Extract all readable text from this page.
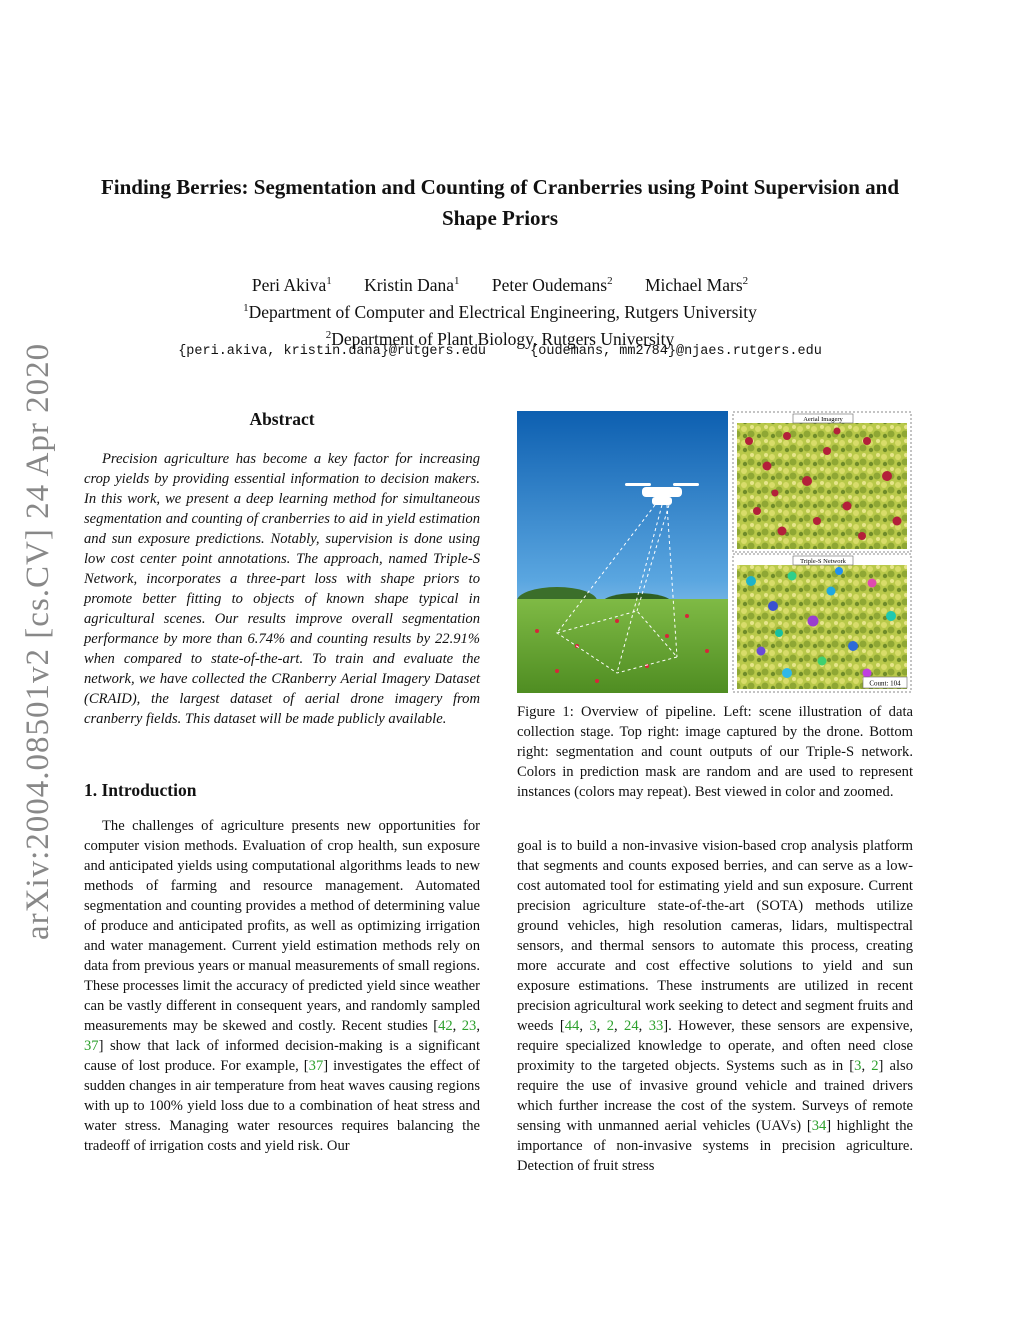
arXiv:2004.08501v2 [cs.CV] 24 Apr 2020
Finding Berries: Segmentation and Counting of Cranberries using Point Supervision and Shape Priors
Peri Akiva$^1$ Kristin Dana$^1$ Peter Oudemans$^2$ Michael Mars$^2$
$^1$Department of Computer and Electrical Engineering, Rutgers University
$^2$Department of Plant Biology, Rutgers University
{peri.akiva, kristin.dana}@rutgers.edu	{oudemans, mm2784}@njaes.rutgers.edu
Abstract

Precision agriculture has become a key factor for increasing crop yields by providing essential information to decision makers. In this work, we present a deep learning method for simultaneous segmentation and counting of cranberries to aid in yield estimation and sun exposure predictions. Notably, supervision is done using low cost center point annotations. The approach, named Triple-S Network, incorporates a three-part loss with shape priors to promote better fitting to objects of known shape typical in agricultural scenes. Our results improve overall segmentation performance by more than 6.74% and counting results by 22.91% when compared to state-of-the-art. To train and evaluate the network, we have collected the CRanberry Aerial Imagery Dataset (CRAID), the largest dataset of aerial drone imagery from cranberry fields. This dataset will be made publicly available.

1. Introduction

The challenges of agriculture presents new opportunities for computer vision methods. Evaluation of crop health, sun exposure and anticipated yields using computational algorithms leads to new methods of farming and resource management. Automated segmentation and counting provides a method of determining value of produce and anticipated profits, as well as optimizing irrigation and water management. Current yield estimation methods rely on data from previous years or manual measurements of small regions. These processes limit the accuracy of predicted yield since weather can be vastly different in consequent years, and randomly sampled measurements may be skewed and costly. Recent studies [42, 23, 37] show that lack of informed decision-making is a significant cause of lost produce. For example, [37] investigates the effect of sudden changes in air temperature from heat waves causing regions with up to 100% yield loss due to a combination of heat stress and water stress. Managing water resources requires balancing the tradeoff of irrigation costs and yield risk. Our

Aerial Imagery
Triple-S Network
Count: 104
Figure 1: Overview of pipeline. Left: scene illustration of data collection stage. Top right: image captured by the drone. Bottom right: segmentation and count outputs of our Triple-S network. Colors in prediction mask are random and are used to represent instances (colors may repeat). Best viewed in color and zoomed.

goal is to build a non-invasive vision-based crop analysis platform that segments and counts exposed berries, and can serve as a low-cost automated tool for estimating yield and sun exposure. Current precision agriculture state-of-the-art (SOTA) methods utilize ground vehicles, high resolution cameras, lidars, multispectral sensors, and thermal sensors to automate this process, creating more accurate and cost effective solutions to yield and sun exposure estimations. These instruments are utilized in recent precision agricultural work seeking to detect and segment fruits and weeds [44, 3, 2, 24, 33]. However, these sensors are expensive, require specialized knowledge to operate, and often need close proximity to the targeted objects. Systems such as in [3, 2] also require the use of invasive ground vehicle and trained drivers which further increase the cost of the system. Surveys of remote sensing with unmanned aerial vehicles (UAVs) [34] highlight the importance of non-invasive systems in precision agriculture. Detection of fruit stress
